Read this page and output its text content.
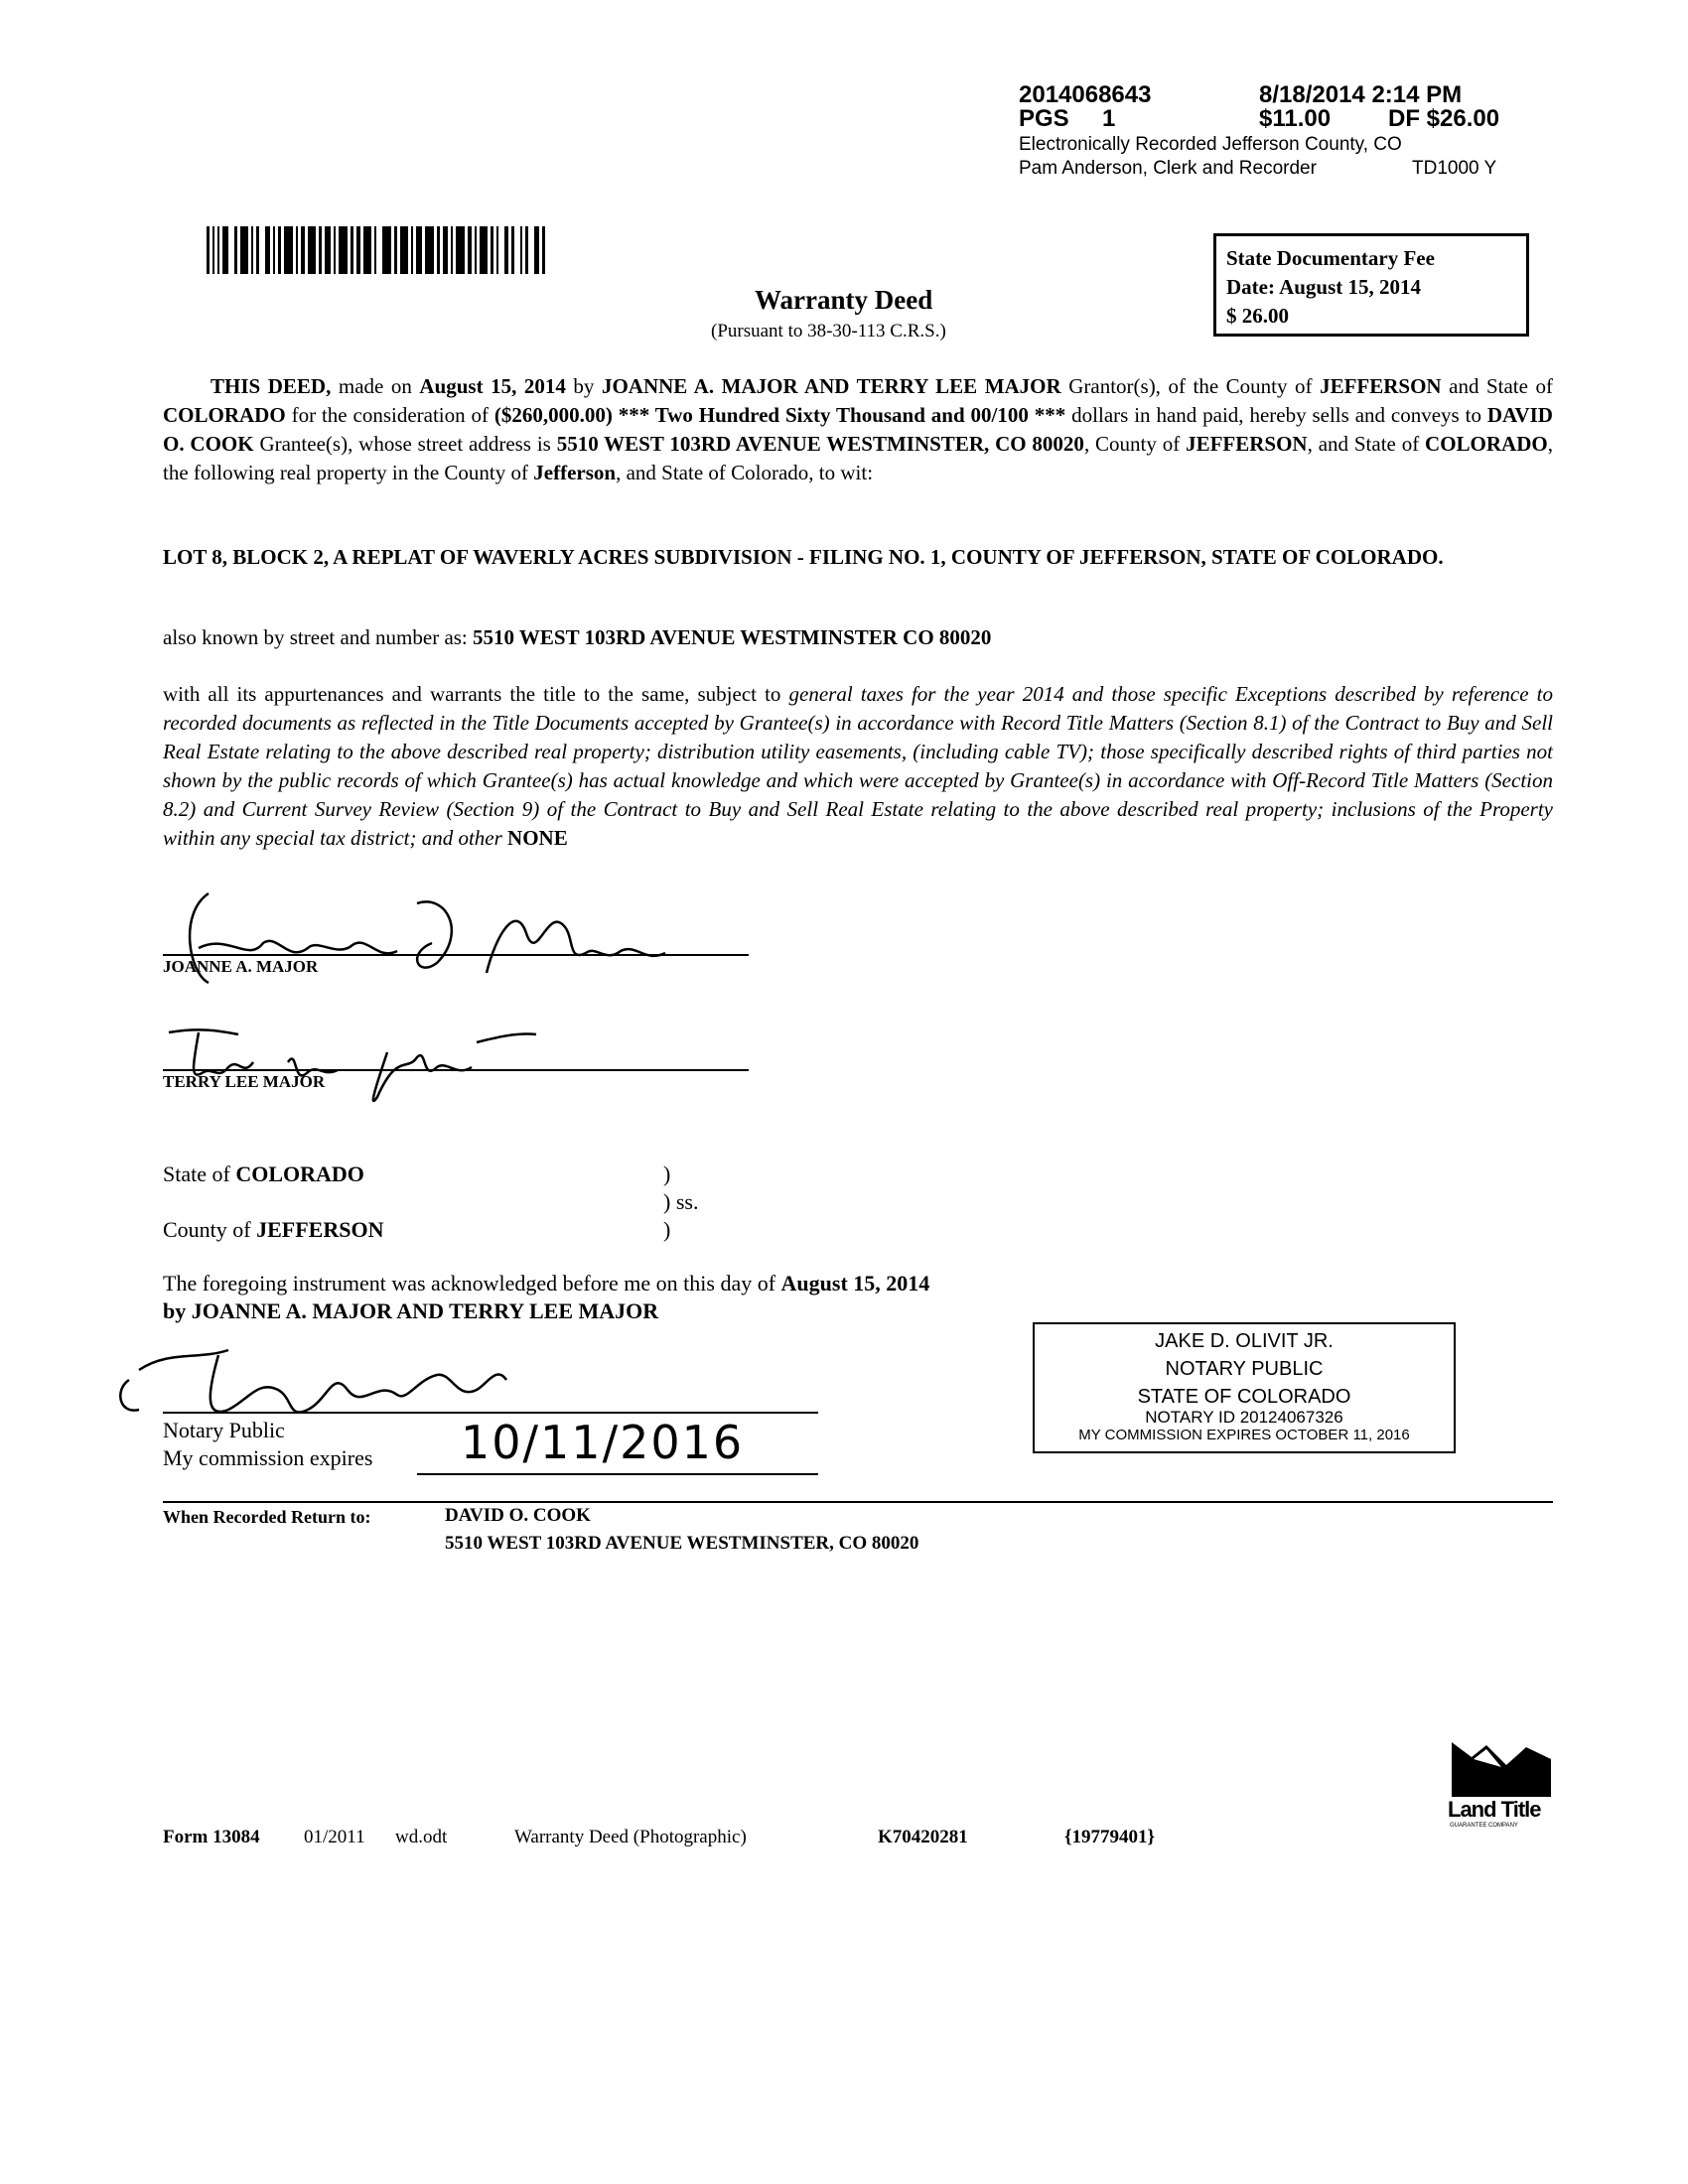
2014068643	8/18/2014 2:14 PM
PGS 1	$11.00 DF $26.00
Electronically Recorded Jefferson County, CO
Pam Anderson, Clerk and Recorder	TD1000 Y
State Documentary Fee
Date: August 15, 2014
$ 26.00
Warranty Deed
(Pursuant to 38-30-113 C.R.S.)
THIS DEED, made on August 15, 2014 by JOANNE A. MAJOR AND TERRY LEE MAJOR Grantor(s), of the County of JEFFERSON and State of COLORADO for the consideration of ($260,000.00) *** Two Hundred Sixty Thousand and 00/100 *** dollars in hand paid, hereby sells and conveys to DAVID O. COOK Grantee(s), whose street address is 5510 WEST 103RD AVENUE WESTMINSTER, CO 80020, County of JEFFERSON, and State of COLORADO, the following real property in the County of Jefferson, and State of Colorado, to wit:
LOT 8, BLOCK 2, A REPLAT OF WAVERLY ACRES SUBDIVISION - FILING NO. 1, COUNTY OF JEFFERSON, STATE OF COLORADO.
also known by street and number as: 5510 WEST 103RD AVENUE WESTMINSTER CO 80020
with all its appurtenances and warrants the title to the same, subject to general taxes for the year 2014 and those specific Exceptions described by reference to recorded documents as reflected in the Title Documents accepted by Grantee(s) in accordance with Record Title Matters (Section 8.1) of the Contract to Buy and Sell Real Estate relating to the above described real property; distribution utility easements, (including cable TV); those specifically described rights of third parties not shown by the public records of which Grantee(s) has actual knowledge and which were accepted by Grantee(s) in accordance with Off-Record Title Matters (Section 8.2) and Current Survey Review (Section 9) of the Contract to Buy and Sell Real Estate relating to the above described real property; inclusions of the Property within any special tax district; and other NONE
JOANNE A. MAJOR
TERRY LEE MAJOR
State of COLORADO	)
) ss.
)
County of JEFFERSON
The foregoing instrument was acknowledged before me on this day of August 15, 2014
by JOANNE A. MAJOR AND TERRY LEE MAJOR
Notary Public
My commission expires 10/11/2016
JAKE D. OLIVIT JR.
NOTARY PUBLIC
STATE OF COLORADO
NOTARY ID 20124067326
MY COMMISSION EXPIRES OCTOBER 11, 2016
When Recorded Return to:	DAVID O. COOK
5510 WEST 103RD AVENUE WESTMINSTER, CO 80020
Land Title
GUARANTEE COMPANY
Form 13084 01/2011 wd.odt	Warranty Deed (Photographic)	K70420281	{19779401}
